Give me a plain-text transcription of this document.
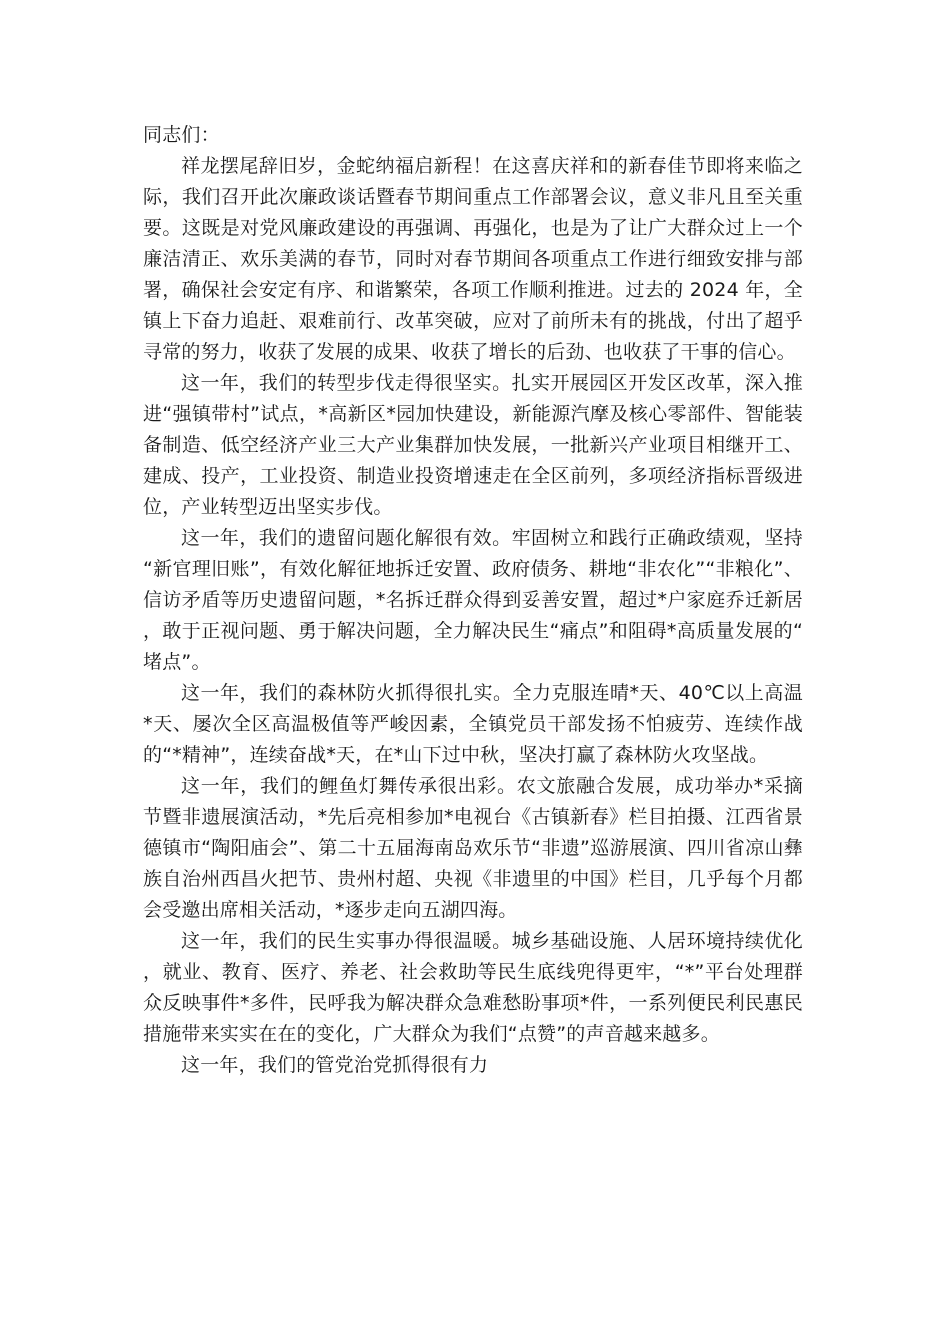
同志们：

祥龙摆尾辞旧岁，金蛇纳福启新程！在这喜庆祥和的新春佳节即将来临之际，我们召开此次廉政谈话暨春节期间重点工作部署会议，意义非凡且至关重要。这既是对党风廉政建设的再强调、再强化，也是为了让广大群众过上一个廉洁清正、欢乐美满的春节，同时对春节期间各项重点工作进行细致安排与部署，确保社会安定有序、和谐繁荣，各项工作顺利推进。过去的 2024 年，全镇上下奋力追赶、艰难前行、改革突破，应对了前所未有的挑战，付出了超乎寻常的努力，收获了发展的成果、收获了增长的后劲、也收获了干事的信心。

这一年，我们的转型步伐走得很坚实。扎实开展园区开发区改革，深入推进“强镇带村”试点，*高新区*园加快建设，新能源汽摩及核心零部件、智能装备制造、低空经济产业三大产业集群加快发展，一批新兴产业项目相继开工、建成、投产，工业投资、制造业投资增速走在全区前列，多项经济指标晋级进位，产业转型迈出坚实步伐。

这一年，我们的遗留问题化解很有效。牢固树立和践行正确政绩观，坚持“新官理旧账”，有效化解征地拆迁安置、政府债务、耕地“非农化”“非粮化”、信访矛盾等历史遗留问题，*名拆迁群众得到妥善安置，超过*户家庭乔迁新居，敢于正视问题、勇于解决问题，全力解决民生“痛点”和阻碍*高质量发展的“堵点”。

这一年，我们的森林防火抓得很扎实。全力克服连晴*天、40℃以上高温*天、屡次全区高温极值等严峻因素，全镇党员干部发扬不怕疲劳、连续作战的“*精神”，连续奋战*天，在*山下过中秋，坚决打赢了森林防火攻坚战。

这一年，我们的鲤鱼灯舞传承很出彩。农文旅融合发展，成功举办*采摘节暨非遗展演活动，*先后亮相参加*电视台《古镇新春》栏目拍摄、江西省景德镇市“陶阳庙会”、第二十五届海南岛欢乐节“非遗”巡游展演、四川省凉山彝族自治州西昌火把节、贵州村超、央视《非遗里的中国》栏目，几乎每个月都会受邀出席相关活动，*逐步走向五湖四海。

这一年，我们的民生实事办得很温暖。城乡基础设施、人居环境持续优化，就业、教育、医疗、养老、社会救助等民生底线兜得更牢，“*”平台处理群众反映事件*多件，民呼我为解决群众急难愁盼事项*件，一系列便民利民惠民措施带来实实在在的变化，广大群众为我们“点赞”的声音越来越多。

这一年，我们的管党治党抓得很有力
